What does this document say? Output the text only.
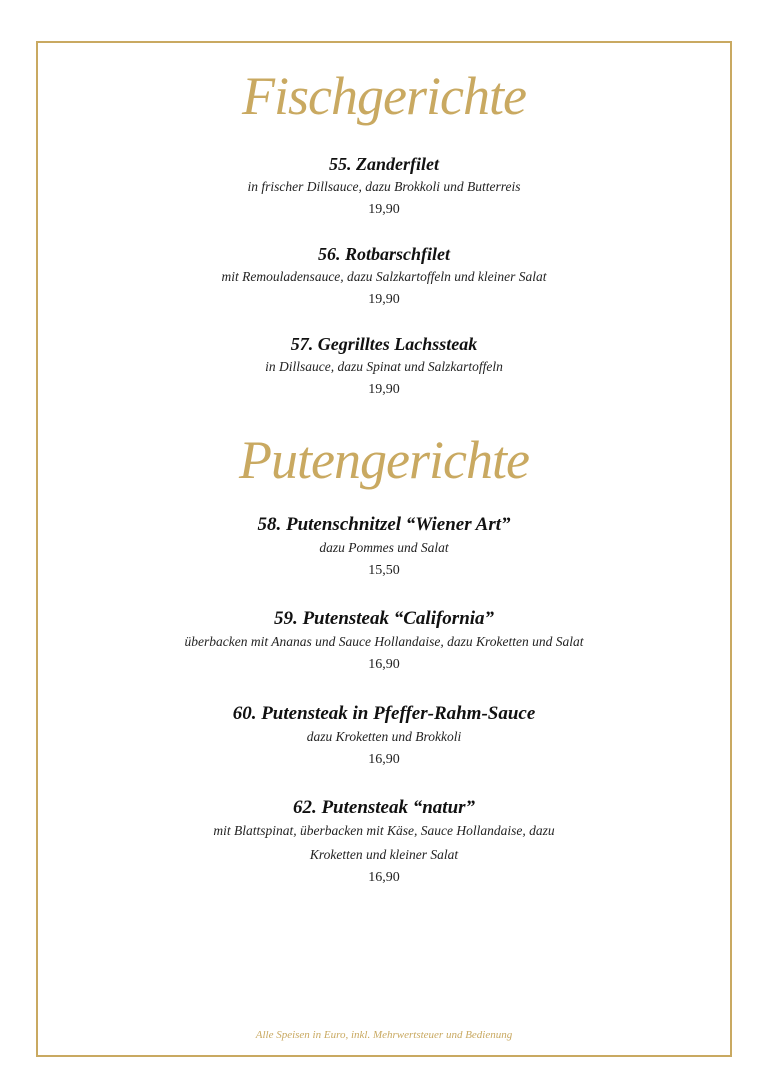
Fischgerichte
55. Zanderfilet
in frischer Dillsauce, dazu Brokkoli und Butterreis
19,90
56. Rotbarschfilet
mit Remouladensauce, dazu Salzkartoffeln und kleiner Salat
19,90
57. Gegrilltes Lachssteak
in Dillsauce, dazu Spinat und Salzkartoffeln
19,90
Putengerichte
58. Putenschnitzel “Wiener Art”
dazu Pommes und Salat
15,50
59. Putensteak “California”
überbacken mit Ananas und Sauce Hollandaise, dazu Kroketten und Salat
16,90
60. Putensteak in Pfeffer-Rahm-Sauce
dazu Kroketten und Brokkoli
16,90
62. Putensteak “natur”
mit Blattspinat, überbacken mit Käse, Sauce Hollandaise, dazu
Kroketten und kleiner Salat
16,90
Alle Speisen in Euro, inkl. Mehrwertsteuer und Bedienung
